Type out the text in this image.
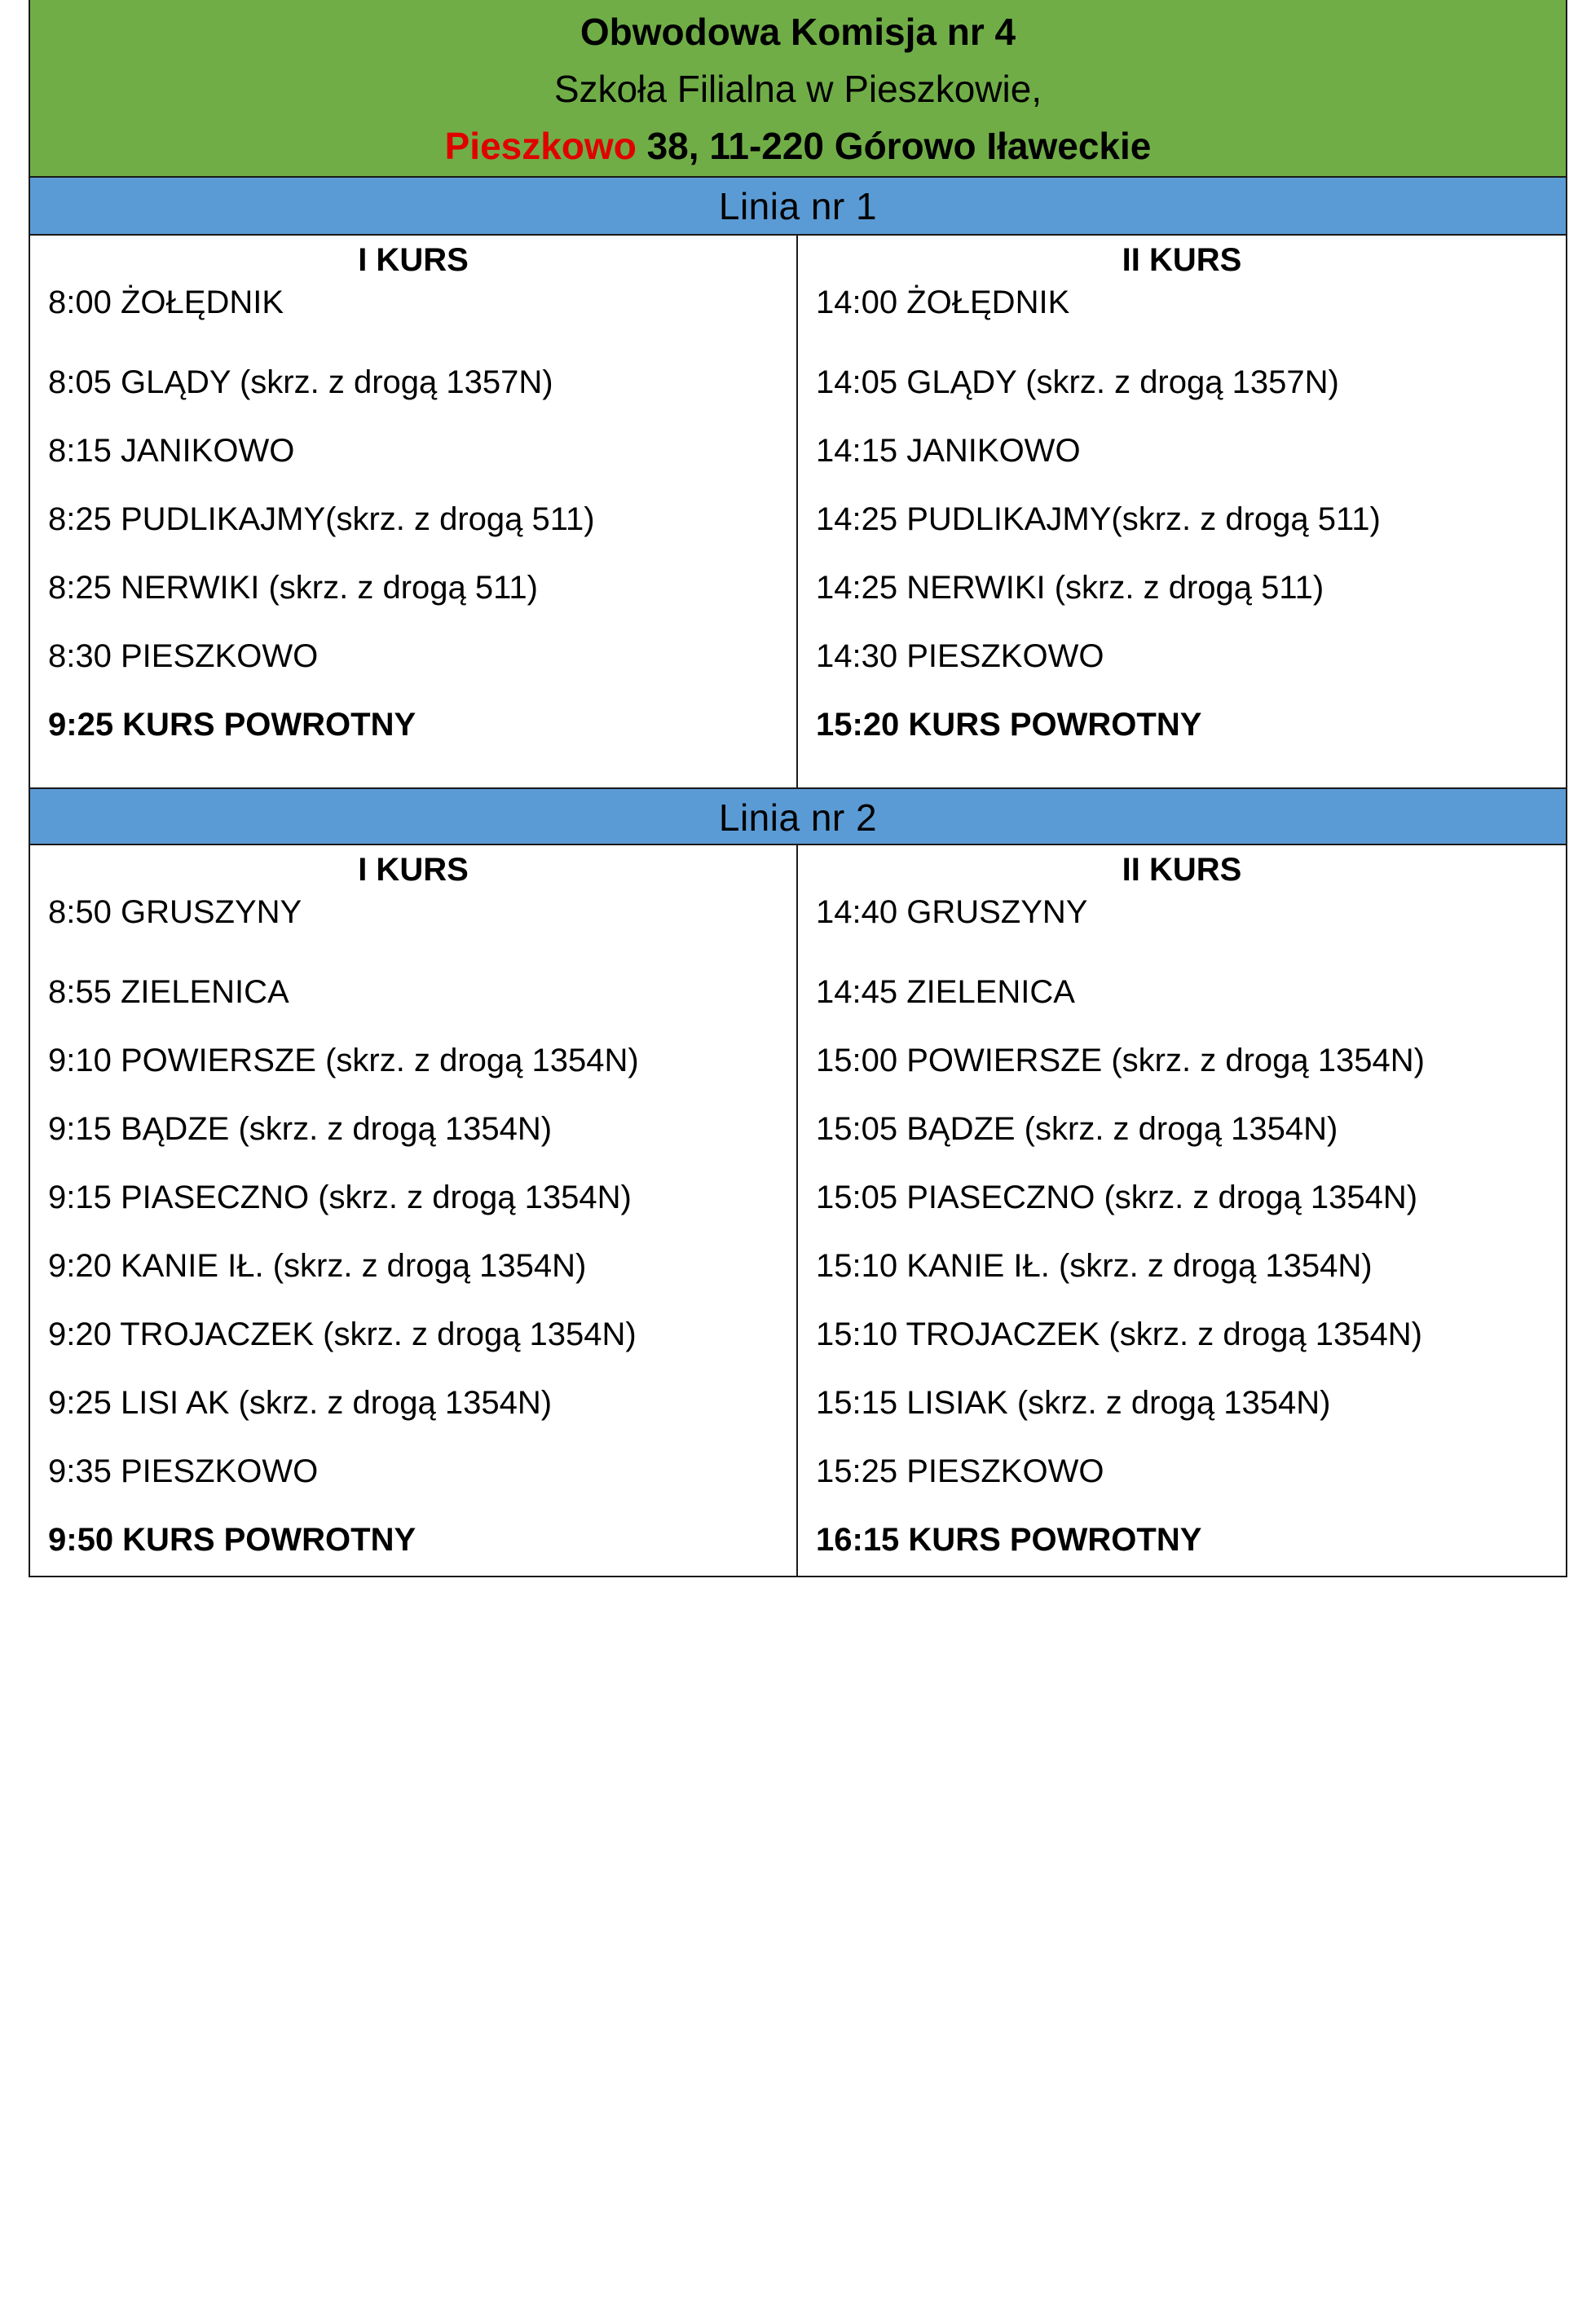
Obwodowa Komisja nr 4
Szkoła Filialna w Pieszkowie,
Pieszkowo 38, 11-220 Górowo Iławeckie
Linia nr 1
I KURS
8:00 ŻOŁĘDNIK
8:05 GLĄDY (skrz. z drogą 1357N)
8:15 JANIKOWO
8:25 PUDLIKAJMY(skrz. z drogą 511)
8:25 NERWIKI (skrz. z drogą 511)
8:30 PIESZKOWO
9:25 KURS POWROTNY
II KURS
14:00 ŻOŁĘDNIK
14:05 GLĄDY (skrz. z drogą 1357N)
14:15 JANIKOWO
14:25 PUDLIKAJMY(skrz. z drogą 511)
14:25 NERWIKI (skrz. z drogą 511)
14:30 PIESZKOWO
15:20 KURS POWROTNY
Linia nr 2
I KURS
8:50 GRUSZYNY
8:55 ZIELENICA
9:10 POWIERSZE (skrz. z drogą 1354N)
9:15 BĄDZE (skrz. z drogą 1354N)
9:15 PIASECZNO (skrz. z drogą 1354N)
9:20 KANIE IŁ. (skrz. z drogą 1354N)
9:20 TROJACZEK (skrz. z drogą 1354N)
9:25 LISI AK (skrz. z drogą 1354N)
9:35 PIESZKOWO
9:50 KURS POWROTNY
II KURS
14:40 GRUSZYNY
14:45 ZIELENICA
15:00 POWIERSZE (skrz. z drogą 1354N)
15:05 BĄDZE (skrz. z drogą 1354N)
15:05 PIASECZNO (skrz. z drogą 1354N)
15:10 KANIE IŁ. (skrz. z drogą 1354N)
15:10 TROJACZEK (skrz. z drogą 1354N)
15:15 LISIAK (skrz. z drogą 1354N)
15:25 PIESZKOWO
16:15 KURS POWROTNY
